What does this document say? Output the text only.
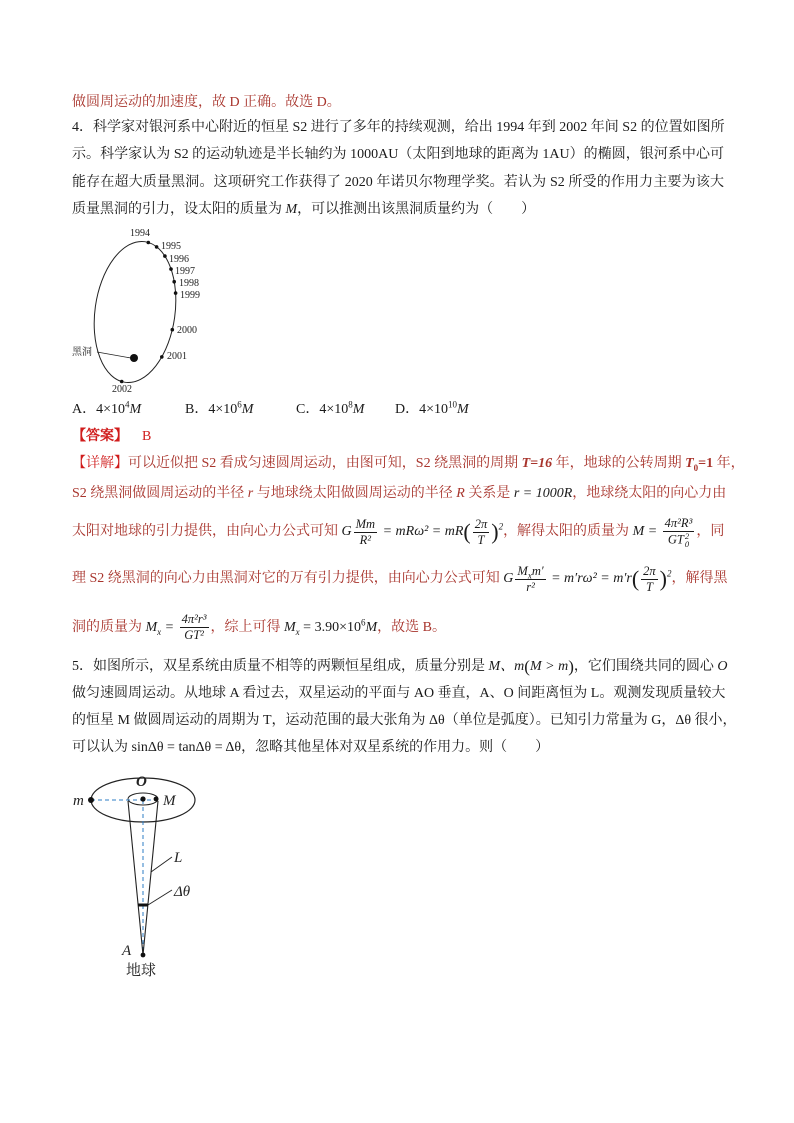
做圆周运动的加速度，故 D 正确。故选 D。
4．科学家对银河系中心附近的恒星 S2 进行了多年的持续观测，给出 1994 年到 2002 年间 S2 的位置如图所
示。科学家认为 S2 的运动轨迹是半长轴约为 1000AU（太阳到地球的距离为 1AU）的椭圆，银河系中心可
能存在超大质量黑洞。这项研究工作获得了 2020 年诺贝尔物理学奖。若认为 S2 所受的作用力主要为该大
质量黑洞的引力，设太阳的质量为 M，可以推测出该黑洞质量约为（　　）
黑洞
1994
1995
1996
1997
1998
1999
2000
2001
2002
A．$4\times 10^4M$	B．$4\times 10^6M$	C．$4\times 10^8M$ D．$4\times 10^{10}M$
【答案】 B
【详解】可以近似把 S2 看成匀速圆周运动，由图可知，S2 绕黑洞的周期 T=16 年，地球的公转周期 $T_0=1$ 年，
S2 绕黑洞做圆周运动的半径 r 与地球绕太阳做圆周运动的半径 R 关系是 r = 1000R，地球绕太阳的向心力由
太阳对地球的引力提供，由向心力公式可知 G $\frac{Mm}{\text{R²}} = mR\omega^2 = mR( \frac{2\pi}{T} )^2$，解得太阳的质量为 M = 4π²R³
GT 2
0 ，同
理 S2 绕黑洞的向心力由黑洞对它的万有引力提供，由向心力公式可知 G $\frac{M_xm'}{\text{r²}} = m'r\omega^2 = m'r( \frac{2\pi}{T} )^2$，解得黑
洞的质量为 $M_x = \frac{\text{4π²r³}}{\text{GT²}}$ ，综上可得 $M_x = 3.90\times 10^6M$，故选 B。
5．如图所示，双星系统由质量不相等的两颗恒星组成，质量分别是 M、m(M > m)，它们围绕共同的圆心 O
做匀速圆周运动。从地球 A 看过去，双星运动的平面与 AO 垂直，A、O 间距离恒为 L。观测发现质量较大
的恒星 M 做圆周运动的周期为 T，运动范围的最大张角为 Δθ（单位是弧度）。已知引力常量为 G，Δθ 很小，
可以认为 sinΔθ = tanΔθ = Δθ，忽略其他星体对双星系统的作用力。则（　　）
O
m	M
L
Δθ
A
地球
